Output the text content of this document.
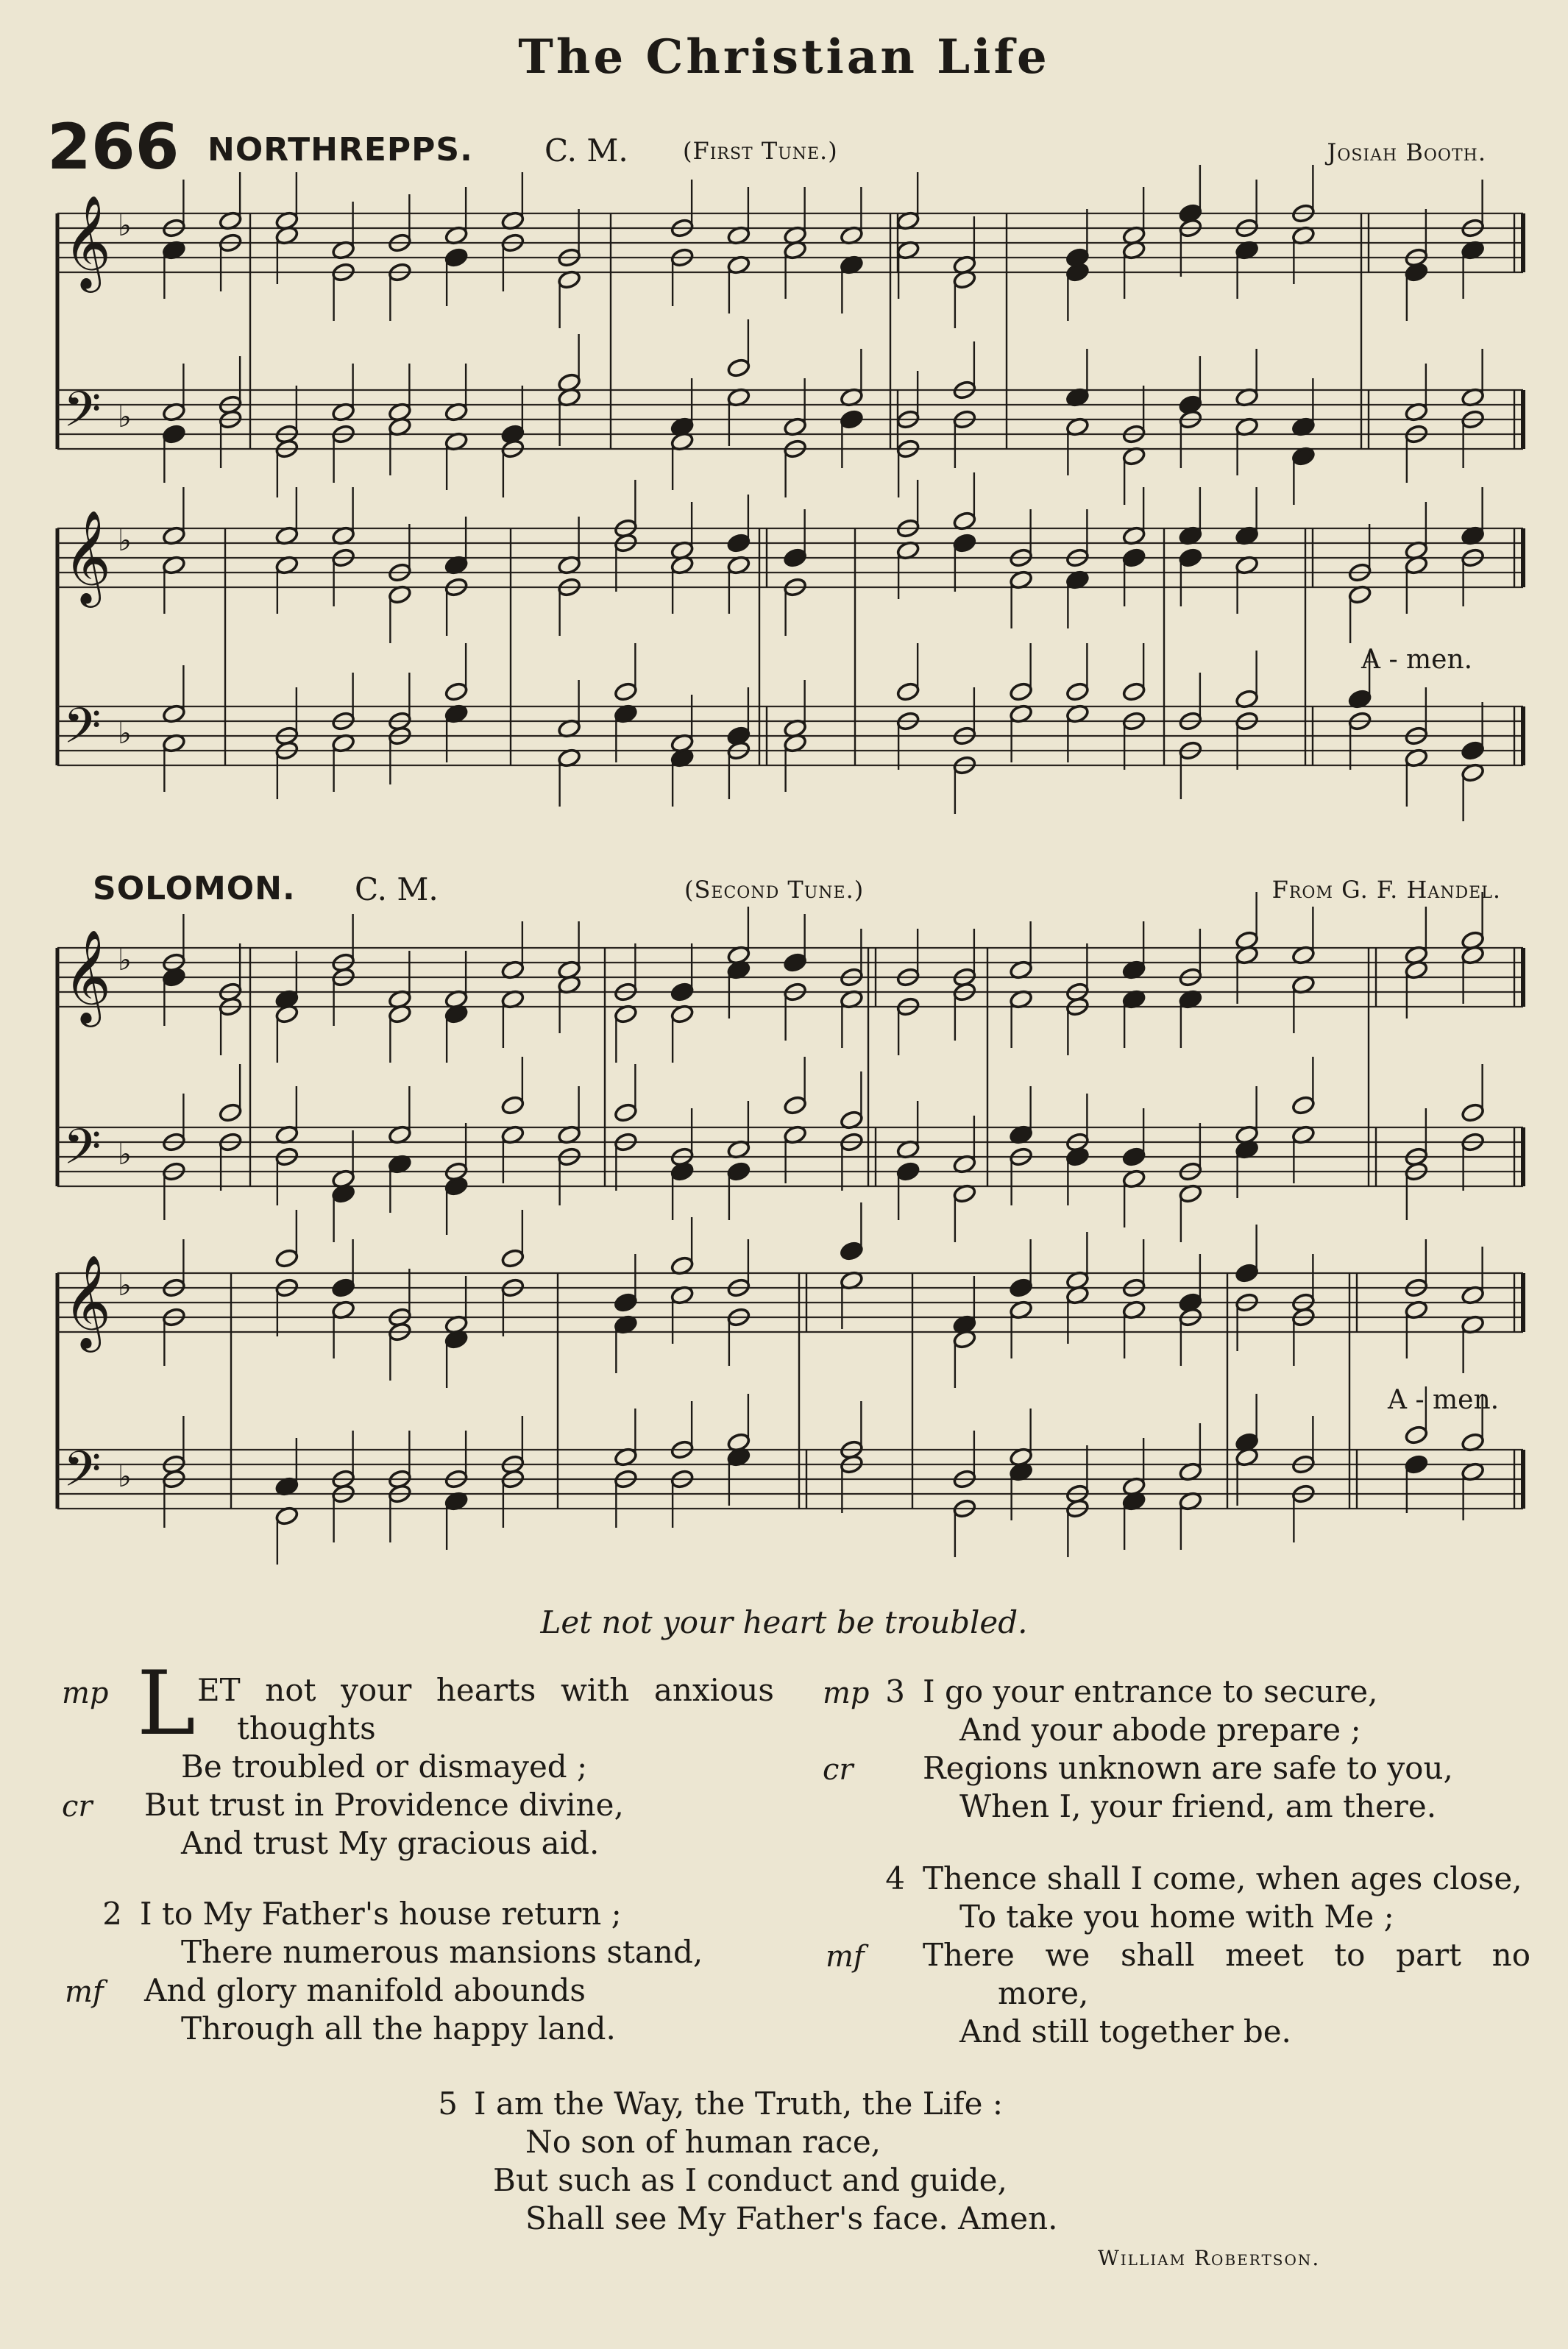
The Christian Life
266 NORTHREPPS. C. M. (First Tune.)	Josiah Booth.
SOLOMON. C. M.	(Second Tune.)	From G. F. Handel.
A - men.
A - men.
𝄞 ♭
𝄢 ♭
𝄞 ♭
𝄢 ♭
𝄞 ♭
𝄢 ♭
𝄞 ♭
𝄢 ♭
Let not your heart be troubled.
L
mp	ET not your hearts with anxious
thoughts
Be troubled or dismayed ;
cr But trust in Providence divine,
And trust My gracious aid.
2 I to My Father's house return ;
There numerous mansions stand,
mf And glory manifold abounds
Through all the happy land.
mp 3 I go your entrance to secure,
And your abode prepare ;
cr Regions unknown are safe to you,
When I, your friend, am there.
4 Thence shall I come, when ages close,
To take you home with Me ;
mf There we shall meet to part no
more,
And still together be.
5 I am the Way, the Truth, the Life :
No son of human race,
But such as I conduct and guide,
Shall see My Father's face. Amen.
William Robertson.
